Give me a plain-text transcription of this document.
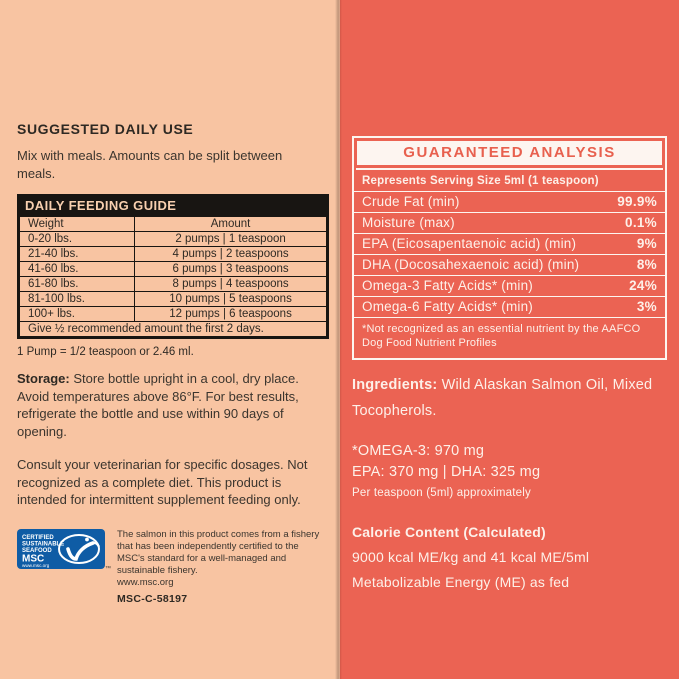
SUGGESTED DAILY USE

Mix with meals. Amounts can be split between meals.

DAILY FEEDING GUIDE
Weight	Amount
0-20 lbs.	2 pumps | 1 teaspoon
21-40 lbs.	4 pumps | 2 teaspoons
41-60 lbs.	6 pumps | 3 teaspoons
61-80 lbs.	8 pumps | 4 teaspoons
81-100 lbs.	10 pumps | 5 teaspoons
100+ lbs.	12 pumps | 6 teaspoons
Give ½ recommended amount the first 2 days.	

1 Pump = 1/2 teaspoon or 2.46 ml.

Storage: Store bottle upright in a cool, dry place. Avoid temperatures above 86°F. For best results, refrigerate the bottle and use within 90 days of opening.

Consult your veterinarian for specific dosages. Not recognized as a complete diet. This product is intended for intermittent supplement feeding only.

CERTIFIED
SUSTAINABLE
SEAFOOD
MSC
www.msc.org
™

The salmon in this product comes from a fishery that has been independently certified to the MSC's standard for a well-managed and sustainable fishery.

www.msc.org

MSC-C-58197

GUARANTEED ANALYSIS
Represents Serving Size 5ml (1 teaspoon)
Crude Fat (min)	99.9%
Moisture (max)	0.1%
EPA (Eicosapentaenoic acid) (min)	9%
DHA (Docosahexaenoic acid) (min)	8%
Omega-3 Fatty Acids* (min)	24%
Omega-6 Fatty Acids* (min)	3%
*Not recognized as an essential nutrient by the AAFCO Dog Food Nutrient Profiles

Ingredients: Wild Alaskan Salmon Oil, Mixed Tocopherols.

*OMEGA-3: 970 mg

EPA: 370 mg | DHA: 325 mg

Per teaspoon (5ml) approximately

Calorie Content (Calculated)

9000 kcal ME/kg and 41 kcal ME/5ml

Metabolizable Energy (ME) as fed
